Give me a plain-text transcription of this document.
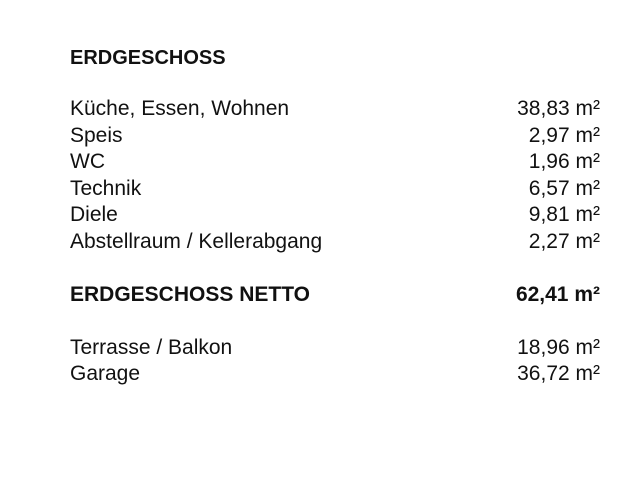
ERDGESCHOSS
Küche, Essen, Wohnen	38,83 m²
Speis	2,97 m²
WC	1,96 m²
Technik	6,57 m²
Diele	9,81 m²
Abstellraum / Kellerabgang	2,27 m²
ERDGESCHOSS NETTO	62,41 m²
Terrasse / Balkon	18,96 m²
Garage	36,72 m²
